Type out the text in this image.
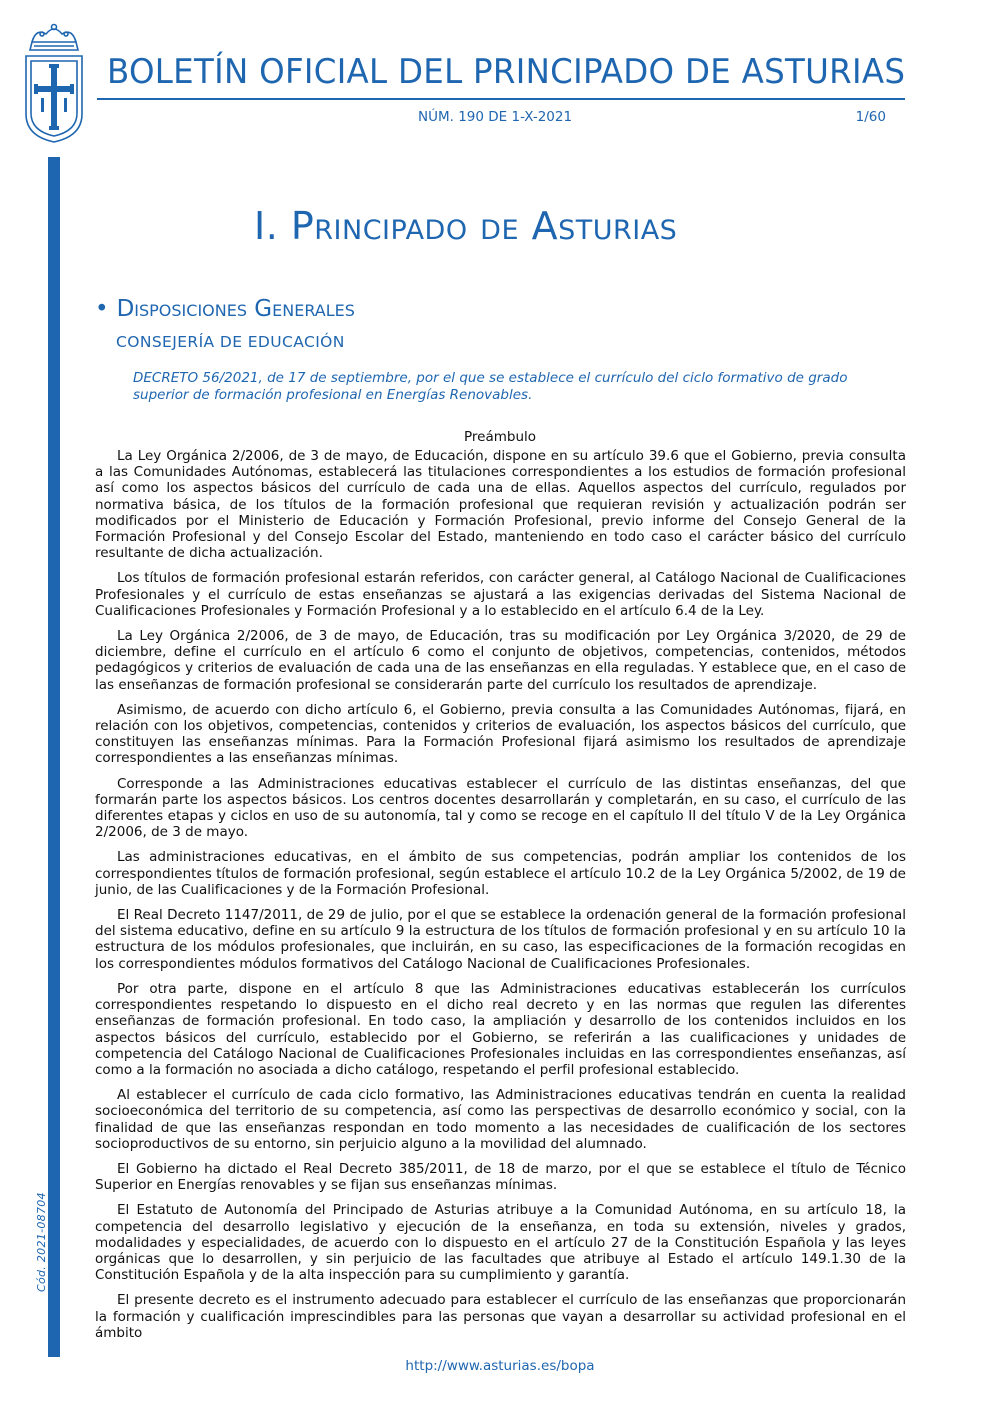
BOLETÍN OFICIAL DEL PRINCIPADO DE ASTURIAS
NÚM. 190 DE 1-X-2021	1/60
Cód. 2021-08704
I. Principado de Asturias
• Disposiciones Generales
CONSEJERÍA DE EDUCACIÓN
DECRETO 56/2021, de 17 de septiembre, por el que se establece el currículo del ciclo formativo de grado superior de formación profesional en Energías Renovables.
Preámbulo

La Ley Orgánica 2/2006, de 3 de mayo, de Educación, dispone en su artículo 39.6 que el Gobierno, previa consulta a las Comunidades Autónomas, establecerá las titulaciones correspondientes a los estudios de formación profesional así como los aspectos básicos del currículo de cada una de ellas. Aquellos aspectos del currículo, regulados por normativa básica, de los títulos de la formación profesional que requieran revisión y actualización podrán ser modificados por el Ministerio de Educación y Formación Profesional, previo informe del Consejo General de la Formación Profesional y del Consejo Escolar del Estado, manteniendo en todo caso el carácter básico del currículo resultante de dicha actualización.

Los títulos de formación profesional estarán referidos, con carácter general, al Catálogo Nacional de Cualificaciones Profesionales y el currículo de estas enseñanzas se ajustará a las exigencias derivadas del Sistema Nacional de Cualificaciones Profesionales y Formación Profesional y a lo establecido en el artículo 6.4 de la Ley.

La Ley Orgánica 2/2006, de 3 de mayo, de Educación, tras su modificación por Ley Orgánica 3/2020, de 29 de diciembre, define el currículo en el artículo 6 como el conjunto de objetivos, competencias, contenidos, métodos pedagógicos y criterios de evaluación de cada una de las enseñanzas en ella reguladas. Y establece que, en el caso de las enseñanzas de formación profesional se considerarán parte del currículo los resultados de aprendizaje.

Asimismo, de acuerdo con dicho artículo 6, el Gobierno, previa consulta a las Comunidades Autónomas, fijará, en relación con los objetivos, competencias, contenidos y criterios de evaluación, los aspectos básicos del currículo, que constituyen las enseñanzas mínimas. Para la Formación Profesional fijará asimismo los resultados de aprendizaje correspondientes a las enseñanzas mínimas.

Corresponde a las Administraciones educativas establecer el currículo de las distintas enseñanzas, del que formarán parte los aspectos básicos. Los centros docentes desarrollarán y completarán, en su caso, el currículo de las diferentes etapas y ciclos en uso de su autonomía, tal y como se recoge en el capítulo II del título V de la Ley Orgánica 2/2006, de 3 de mayo.

Las administraciones educativas, en el ámbito de sus competencias, podrán ampliar los contenidos de los correspondientes títulos de formación profesional, según establece el artículo 10.2 de la Ley Orgánica 5/2002, de 19 de junio, de las Cualificaciones y de la Formación Profesional.

El Real Decreto 1147/2011, de 29 de julio, por el que se establece la ordenación general de la formación profesional del sistema educativo, define en su artículo 9 la estructura de los títulos de formación profesional y en su artículo 10 la estructura de los módulos profesionales, que incluirán, en su caso, las especificaciones de la formación recogidas en los correspondientes módulos formativos del Catálogo Nacional de Cualificaciones Profesionales.

Por otra parte, dispone en el artículo 8 que las Administraciones educativas establecerán los currículos correspondientes respetando lo dispuesto en el dicho real decreto y en las normas que regulen las diferentes enseñanzas de formación profesional. En todo caso, la ampliación y desarrollo de los contenidos incluidos en los aspectos básicos del currículo, establecido por el Gobierno, se referirán a las cualificaciones y unidades de competencia del Catálogo Nacional de Cualificaciones Profesionales incluidas en las correspondientes enseñanzas, así como a la formación no asociada a dicho catálogo, respetando el perfil profesional establecido.

Al establecer el currículo de cada ciclo formativo, las Administraciones educativas tendrán en cuenta la realidad socioeconómica del territorio de su competencia, así como las perspectivas de desarrollo económico y social, con la finalidad de que las enseñanzas respondan en todo momento a las necesidades de cualificación de los sectores socioproductivos de su entorno, sin perjuicio alguno a la movilidad del alumnado.

El Gobierno ha dictado el Real Decreto 385/2011, de 18 de marzo, por el que se establece el título de Técnico Superior en Energías renovables y se fijan sus enseñanzas mínimas.

El Estatuto de Autonomía del Principado de Asturias atribuye a la Comunidad Autónoma, en su artículo 18, la competencia del desarrollo legislativo y ejecución de la enseñanza, en toda su extensión, niveles y grados, modalidades y especialidades, de acuerdo con lo dispuesto en el artículo 27 de la Constitución Española y las leyes orgánicas que lo desarrollen, y sin perjuicio de las facultades que atribuye al Estado el artículo 149.1.30 de la Constitución Española y de la alta inspección para su cumplimiento y garantía.

El presente decreto es el instrumento adecuado para establecer el currículo de las enseñanzas que proporcionarán la formación y cualificación imprescindibles para las personas que vayan a desarrollar su actividad profesional en el ámbito

http://www.asturias.es/bopa
